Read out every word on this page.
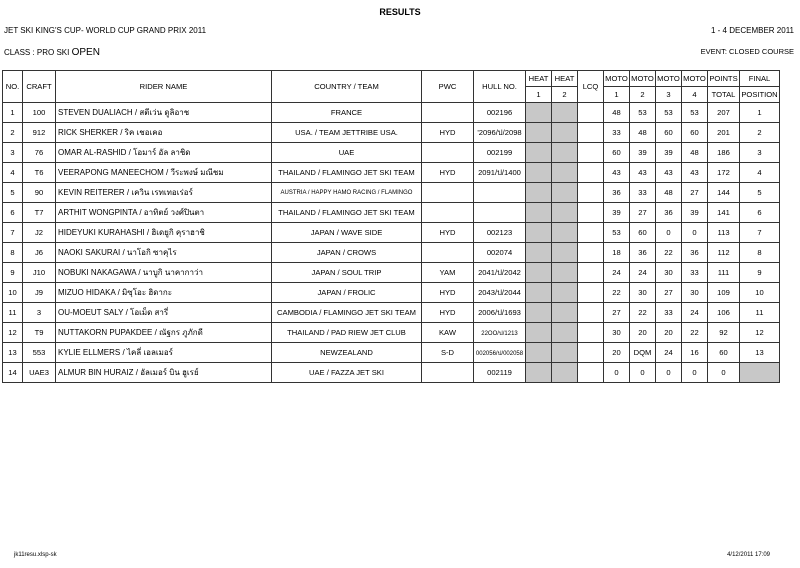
RESULTS
JET SKI KING'S CUP- WORLD CUP GRAND PRIX 2011	1 - 4 DECEMBER 2011
CLASS : PRO SKI OPEN	EVENT: CLOSED COURSE
NO.	CRAFT	RIDER NAME	COUNTRY / TEAM	PWC	HULL NO.	HEAT	HEAT	LCQ	MOTO	MOTO	MOTO	MOTO	POINTS	FINAL
						1	2		1	2	3	4	TOTAL	POSITION
1	100	STEVEN DUALIACH / สตีเว่น ดูลิอาช	FRANCE		002196				48	53	53	53	207	1
2	912	RICK SHERKER / ริค เชอเคอ	USA. / TEAM JETTRIBE USA.	HYD	'2096/ป/2098				33	48	60	60	201	2
3	76	OMAR AL-RASHID / โอมาร์ อัล ลาชิด	UAE		002199				60	39	39	48	186	3
4	T6	VEERAPONG MANEECHOM / วีระพงษ์ มณีชม	THAILAND / FLAMINGO JET SKI TEAM	HYD	2091/ป/1400				43	43	43	43	172	4
5	90	KEVIN REITERER / เควิน เรทเทอเร่อร์	AUSTRIA / HAPPY HAMO RACING / FLAMINGO						36	33	48	27	144	5
6	T7	ARTHIT WONGPINTA / อาทิตย์ วงศ์ปินตา	THAILAND / FLAMINGO JET SKI TEAM						39	27	36	39	141	6
7	J2	HIDEYUKI KURAHASHI / ฮิเดยูกิ คุราฮาชิ	JAPAN / WAVE SIDE	HYD	002123				53	60	0	0	113	7
8	J6	NAOKI SAKURAI / นาโอกิ ซาคุไร	JAPAN / CROWS		002074				18	36	22	36	112	8
9	J10	NOBUKI NAKAGAWA / นาบูกิ นาคากาว่า	JAPAN / SOUL TRIP	YAM	2041/ป/2042				24	24	30	33	111	9
10	J9	MIZUO HIDAKA / มิซุโอะ ฮิดากะ	JAPAN / FROLIC	HYD	2043/ป/2044				22	30	27	30	109	10
11	3	OU-MOEUT SALY / โอเม็ด สารี่	CAMBODIA / FLAMINGO JET SKI TEAM	HYD	2006/ป/1693				27	22	33	24	106	11
12	T9	NUTTAKORN PUPAKDEE / ณัฐกร ภูภักดี	THAILAND / PAD RIEW JET CLUB	KAW	22OO/ป/1213				30	20	20	22	92	12
13	553	KYLIE ELLMERS / ไคลี่ เอลเมอร์	NEWZEALAND	S-D	002056/ป/002058				20	DQM	24	16	60	13
14	UAE3	ALMUR BIN HURAIZ / อัลเมอร์ บิน ฮูเรย์	UAE / FAZZA JET SKI		002119				0	0	0	0	0	
jk11resu.xlsp-sk	4/12/2011 17:09
